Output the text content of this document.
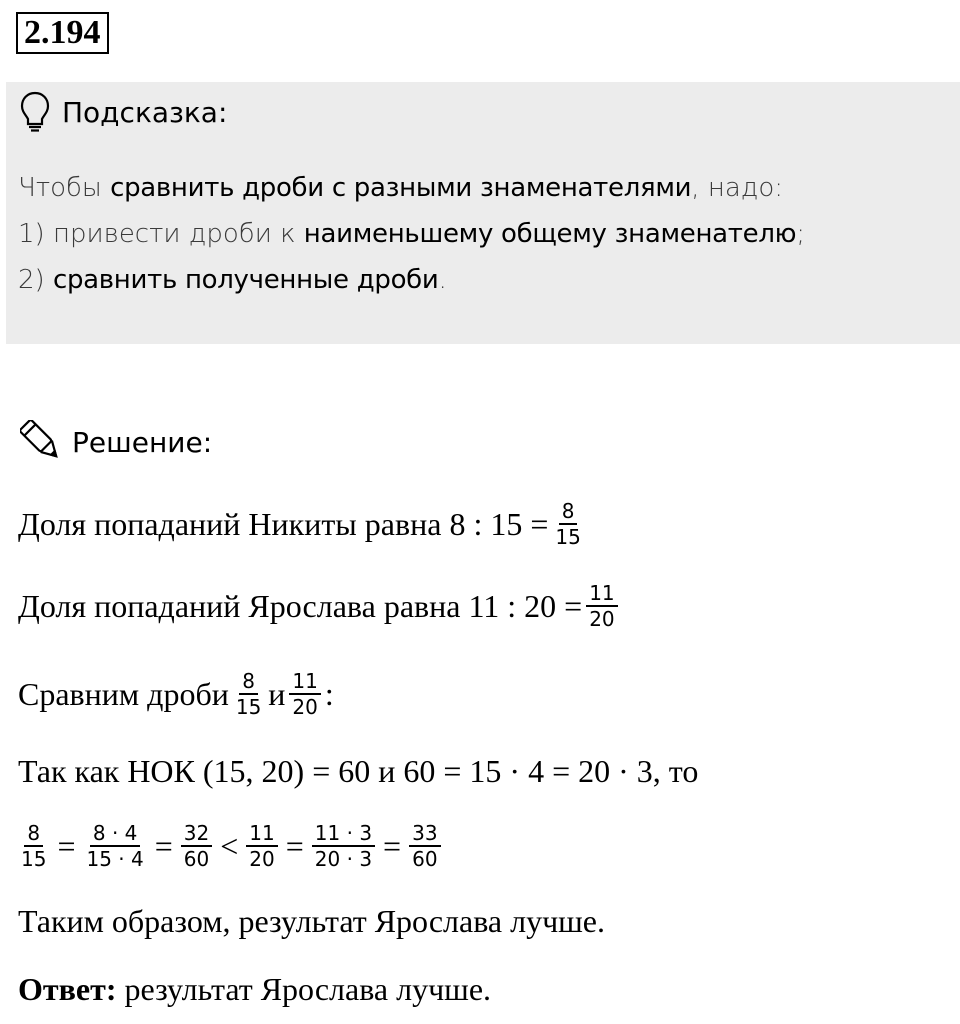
2.194
Подсказка:
Чтобы сравнить дроби с разными знаменателями, надо:
1) привести дроби к наименьшему общему знаменателю;
2) сравнить полученные дроби.
Решение:
Доля попаданий Никиты равна 8 : $15 = \frac{8}{15}$
Доля попаданий Ярослава равна 11 : $20 = \frac{11}{20}$
Сравним дроби $\frac{8}{15}$ и $\frac{11}{20}$ :
Так как НОК (15, 20) = 60 и 60 = 15 · 4 = 20 · 3, то
$\frac{8}{15} = \frac{8 \cdot 4}{15 \cdot 4} = \frac{32}{60} < \frac{11}{20} = \frac{11 \cdot 3}{20 \cdot 3} = \frac{33}{60}$
Таким образом, результат Ярослава лучше.
Ответ: результат Ярослава лучше.
